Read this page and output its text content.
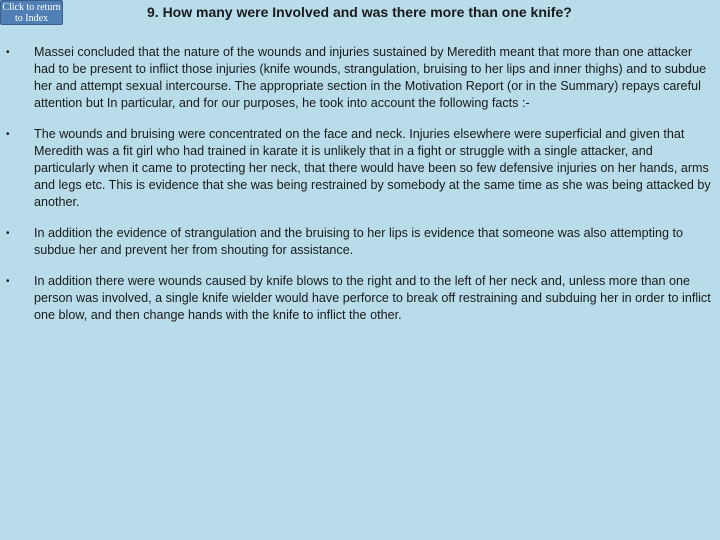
Click to return to Index	9. How many were Involved and was there more than one knife?
• Massei concluded that the nature of the wounds and injuries sustained by Meredith meant that more than one attacker had to be present to inflict those injuries (knife wounds, strangulation, bruising to her lips and inner thighs) and to subdue her and attempt sexual intercourse. The appropriate section in the Motivation Report (or in the Summary) repays careful attention but In particular, and for our purposes, he took into account the following facts :-
• The wounds and bruising were concentrated on the face and neck. Injuries elsewhere were superficial and given that Meredith was a fit girl who had trained in karate it is unlikely that in a fight or struggle with a single attacker, and particularly when it came to protecting her neck, that there would have been so few defensive injuries on her hands, arms and legs etc. This is evidence that she was being restrained by somebody at the same time as she was being attacked by another.
• In addition the evidence of strangulation and the bruising to her lips is evidence that someone was also attempting to subdue her and prevent her from shouting for assistance.
• In addition there were wounds caused by knife blows to the right and to the left of her neck and, unless more than one person was involved, a single knife wielder would have perforce to break off restraining and subduing her in order to inflict one blow, and then change hands with the knife to inflict the other.
